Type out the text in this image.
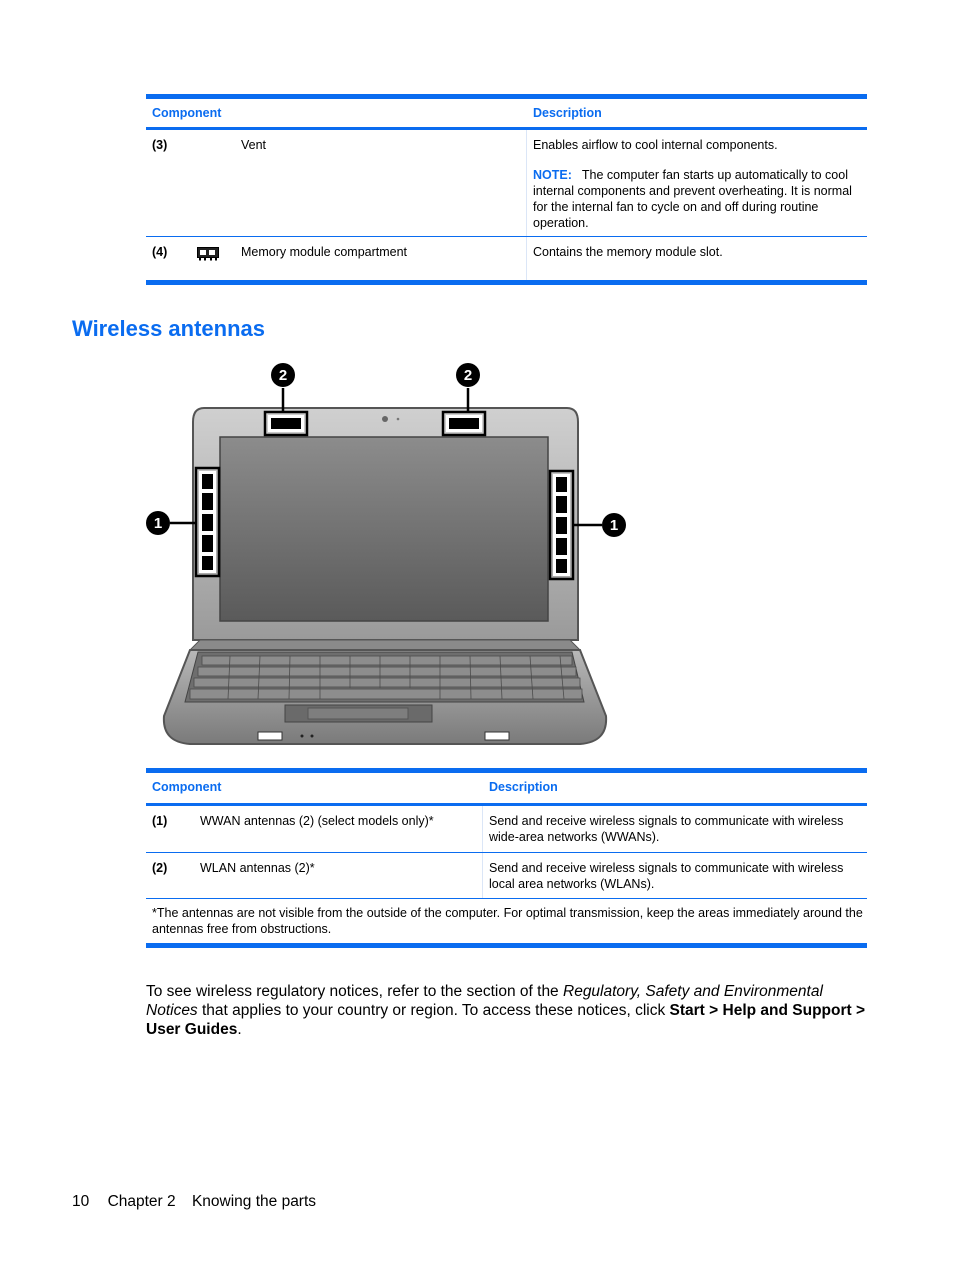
Component	Description
(3)	Vent	Enables airflow to cool internal components.
NOTE: The computer fan starts up automatically to cool internal components and prevent overheating. It is normal for the internal fan to cycle on and off during routine operation.
(4)	Memory module compartment	Contains the memory module slot.
Wireless antennas
2	2
1	1
Component	Description
(1)	WWAN antennas (2) (select models only)*	Send and receive wireless signals to communicate with wireless wide-area networks (WWANs).
(2)	WLAN antennas (2)*	Send and receive wireless signals to communicate with wireless local area networks (WLANs).
*The antennas are not visible from the outside of the computer. For optimal transmission, keep the areas immediately around the antennas free from obstructions.

To see wireless regulatory notices, refer to the section of the Regulatory, Safety and Environmental Notices that applies to your country or region. To access these notices, click Start > Help and Support > User Guides.

10 Chapter 2 Knowing the parts
